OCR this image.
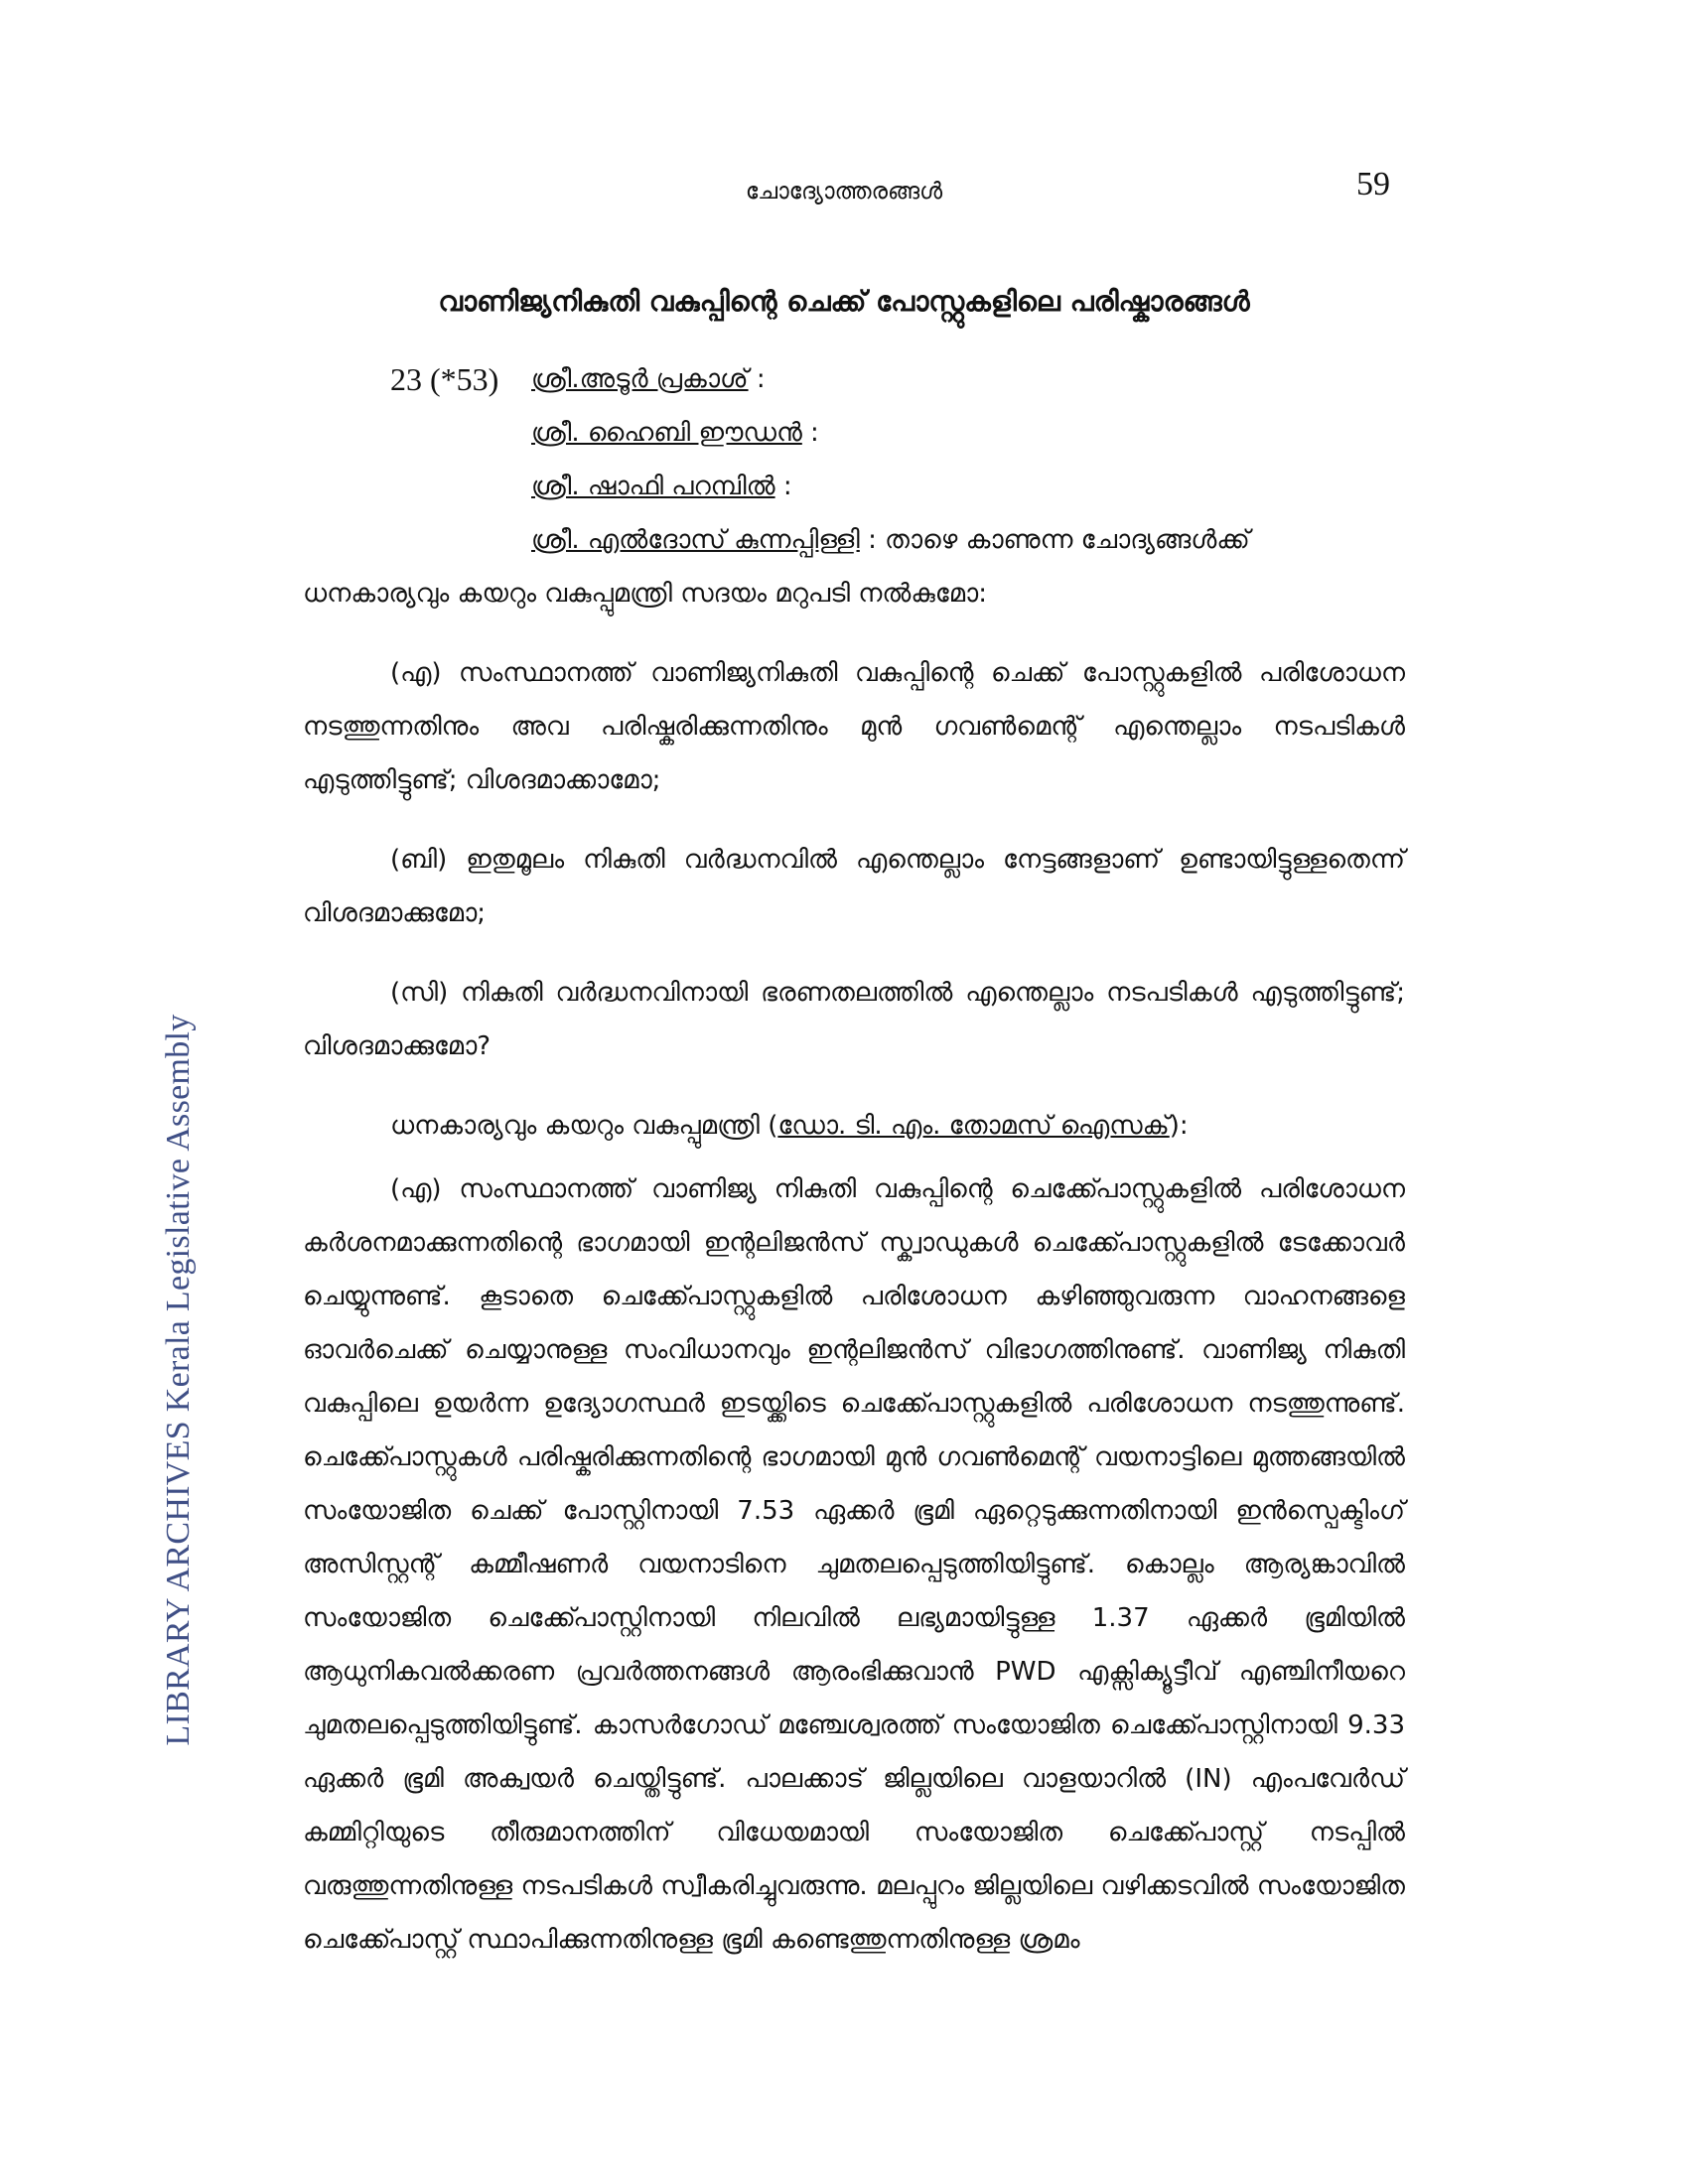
LIBRARY ARCHIVES Kerala Legislative Assembly
ചോദ്യോത്തരങ്ങൾ	59
വാണിജ്യനികുതി വകുപ്പിന്റെ ചെക്ക് പോസ്റ്റുകളിലെ പരിഷ്കാരങ്ങൾ
23 (*53) ശ്രീ.അടൂർ പ്രകാശ് :
ശ്രീ. ഹൈബി ഈഡൻ :
ശ്രീ. ഷാഫി പറമ്പിൽ :
ശ്രീ. എൽദോസ് കുന്നപ്പിള്ളി : താഴെ കാണുന്ന ചോദ്യങ്ങൾക്ക്

ധനകാര്യവും കയറും വകുപ്പുമന്ത്രി സദയം മറുപടി നൽകുമോ:

(എ) സംസ്ഥാനത്ത് വാണിജ്യനികുതി വകുപ്പിന്റെ ചെക്ക് പോസ്റ്റുകളിൽ പരിശോധന നടത്തുന്നതിനും അവ പരിഷ്കരിക്കുന്നതിനും മുൻ ഗവൺമെന്റ് എന്തെല്ലാം നടപടികൾ എടുത്തിട്ടുണ്ട്; വിശദമാക്കാമോ;

(ബി) ഇതുമൂലം നികുതി വർദ്ധനവിൽ എന്തെല്ലാം നേട്ടങ്ങളാണ് ഉണ്ടായിട്ടുള്ളതെന്ന് വിശദമാക്കുമോ;

(സി) നികുതി വർദ്ധനവിനായി ഭരണതലത്തിൽ എന്തെല്ലാം നടപടികൾ എടുത്തിട്ടുണ്ട്; വിശദമാക്കുമോ?

ധനകാര്യവും കയറും വകുപ്പുമന്ത്രി (ഡോ. ടി. എം. തോമസ് ഐസക്):

(എ) സംസ്ഥാനത്ത് വാണിജ്യ നികുതി വകുപ്പിന്റെ ചെക്ക്പോസ്റ്റുകളിൽ പരിശോധന കർശനമാക്കുന്നതിന്റെ ഭാഗമായി ഇന്റലിജൻസ് സ്ക്വാഡുകൾ ചെക്ക്പോസ്റ്റുകളിൽ ടേക്കോവർ ചെയ്യുന്നുണ്ട്. കൂടാതെ ചെക്ക്പോസ്റ്റുകളിൽ പരിശോധന കഴിഞ്ഞുവരുന്ന വാഹനങ്ങളെ ഓവർചെക്ക് ചെയ്യാനുള്ള സംവിധാനവും ഇന്റലിജൻസ് വിഭാഗത്തിനുണ്ട്. വാണിജ്യ നികുതി വകുപ്പിലെ ഉയർന്ന ഉദ്യോഗസ്ഥർ ഇടയ്ക്കിടെ ചെക്ക്പോസ്റ്റുകളിൽ പരിശോധന നടത്തുന്നുണ്ട്. ചെക്ക്പോസ്റ്റുകൾ പരിഷ്കരിക്കുന്നതിന്റെ ഭാഗമായി മുൻ ഗവൺമെന്റ് വയനാട്ടിലെ മുത്തങ്ങയിൽ സംയോജിത ചെക്ക് പോസ്റ്റിനായി 7.53 ഏക്കർ ഭൂമി ഏറ്റെടുക്കുന്നതിനായി ഇൻസ്പെക്ടിംഗ് അസിസ്റ്റന്റ് കമ്മീഷണർ വയനാടിനെ ചുമതലപ്പെടുത്തിയിട്ടുണ്ട്. കൊല്ലം ആര്യങ്കാവിൽ സംയോജിത ചെക്ക്പോസ്റ്റിനായി നിലവിൽ ലഭ്യമായിട്ടുള്ള 1.37 ഏക്കർ ഭൂമിയിൽ ആധുനികവൽക്കരണ പ്രവർത്തനങ്ങൾ ആരംഭിക്കുവാൻ PWD എക്സിക്യൂട്ടീവ് എഞ്ചിനീയറെ ചുമതലപ്പെടുത്തിയിട്ടുണ്ട്. കാസർഗോഡ് മഞ്ചേശ്വരത്ത് സംയോജിത ചെക്ക്പോസ്റ്റിനായി 9.33 ഏക്കർ ഭൂമി അക്വയർ ചെയ്തിട്ടുണ്ട്. പാലക്കാട് ജില്ലയിലെ വാളയാറിൽ (IN) എംപവേർഡ് കമ്മിറ്റിയുടെ തീരുമാനത്തിന് വിധേയമായി സംയോജിത ചെക്ക്പോസ്റ്റ് നടപ്പിൽ വരുത്തുന്നതിനുള്ള നടപടികൾ സ്വീകരിച്ചുവരുന്നു. മലപ്പുറം ജില്ലയിലെ വഴിക്കടവിൽ സംയോജിത ചെക്ക്പോസ്റ്റ് സ്ഥാപിക്കുന്നതിനുള്ള ഭൂമി കണ്ടെത്തുന്നതിനുള്ള ശ്രമം
